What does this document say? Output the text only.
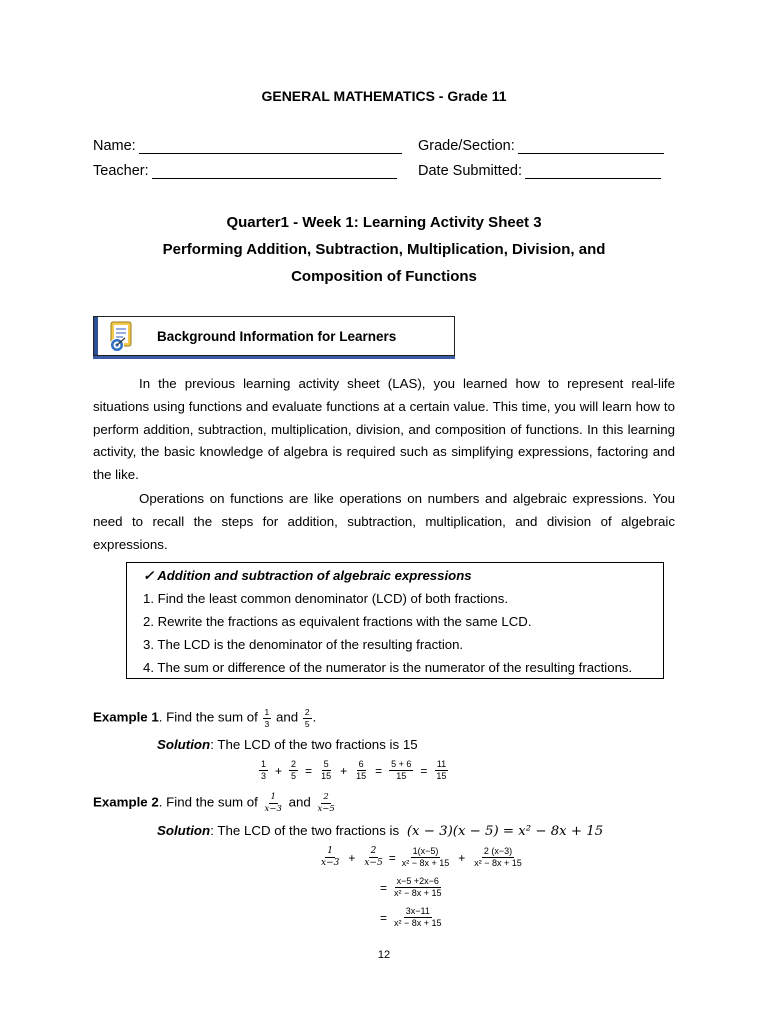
GENERAL MATHEMATICS - Grade 11
Name:	Grade/Section:
Teacher:	Date Submitted:
Quarter1 - Week 1: Learning Activity Sheet 3
Performing Addition, Subtraction, Multiplication, Division, and
Composition of Functions
Background Information for Learners
In the previous learning activity sheet (LAS), you learned how to represent real-life situations using functions and evaluate functions at a certain value. This time, you will learn how to perform addition, subtraction, multiplication, division, and composition of functions. In this learning activity, the basic knowledge of algebra is required such as simplifying expressions, factoring and the like.
Operations on functions are like operations on numbers and algebraic expressions. You need to recall the steps for addition, subtraction, multiplication, and division of algebraic expressions.
✓ Addition and subtraction of algebraic expressions
1. Find the least common denominator (LCD) of both fractions.
2. Rewrite the fractions as equivalent fractions with the same LCD.
3. The LCD is the denominator of the resulting fraction.
4. The sum or difference of the numerator is the numerator of the resulting fractions.
Example 1. Find the sum of $\frac{1}{3}$ and $\frac{2}{5}$ .
Solution: The LCD of the two fractions is 15
$\frac{1}{3} + \frac{2}{5} = \frac{5}{15} + \frac{6}{15} = \frac{5 + 6}{15} = \frac{11}{15}$
Example 2. Find the sum of $\frac{1}{x-3}$ and $\frac{2}{x-5}$
Solution: The LCD of the two fractions is (x − 3)(x − 5) = x² − 8x + 15
$\frac{1}{x-3} + \frac{2}{x-5} = \frac{1(x-5)}{\text{x² − 8x + 15}} + \frac{2 (x-3)}{\text{x² − 8x + 15}}$
= $\frac{x-5 +2x-6}{\text{x² − 8x + 15}}$
= $\frac{3x-11}{\text{x² − 8x + 15}}$
12
